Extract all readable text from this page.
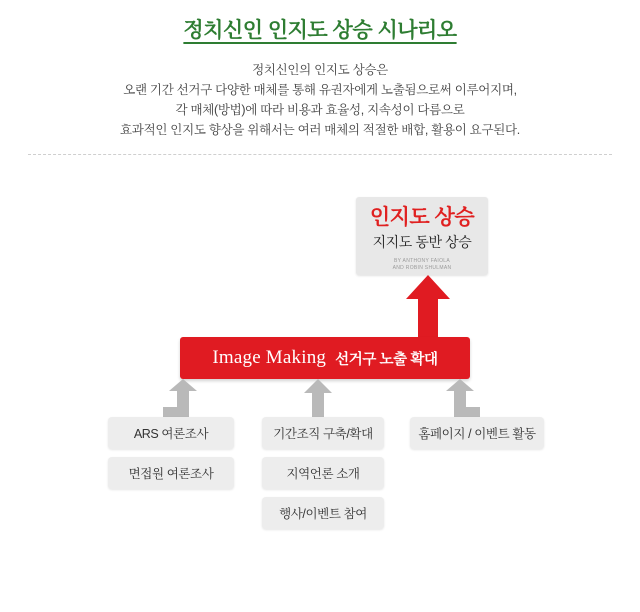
정치신인 인지도 상승 시나리오
정치신인의 인지도 상승은
오랜 기간 선거구 다양한 매체를 통해 유권자에게 노출됨으로써 이루어지며,
각 매체(방법)에 따라 비용과 효율성, 지속성이 다름으로
효과적인 인지도 향상을 위해서는 여러 매체의 적절한 배합, 활용이 요구된다.
인지도 상승
지지도 동반 상승
BY ANTHONY FAIOLA
AND ROBIN SHULMAN
Image Making 선거구 노출 확대
ARS 여론조사
면접원 여론조사
기간조직 구축/확대
지역언론 소개
행사/이벤트 참여
홈페이지 / 이벤트 활동
